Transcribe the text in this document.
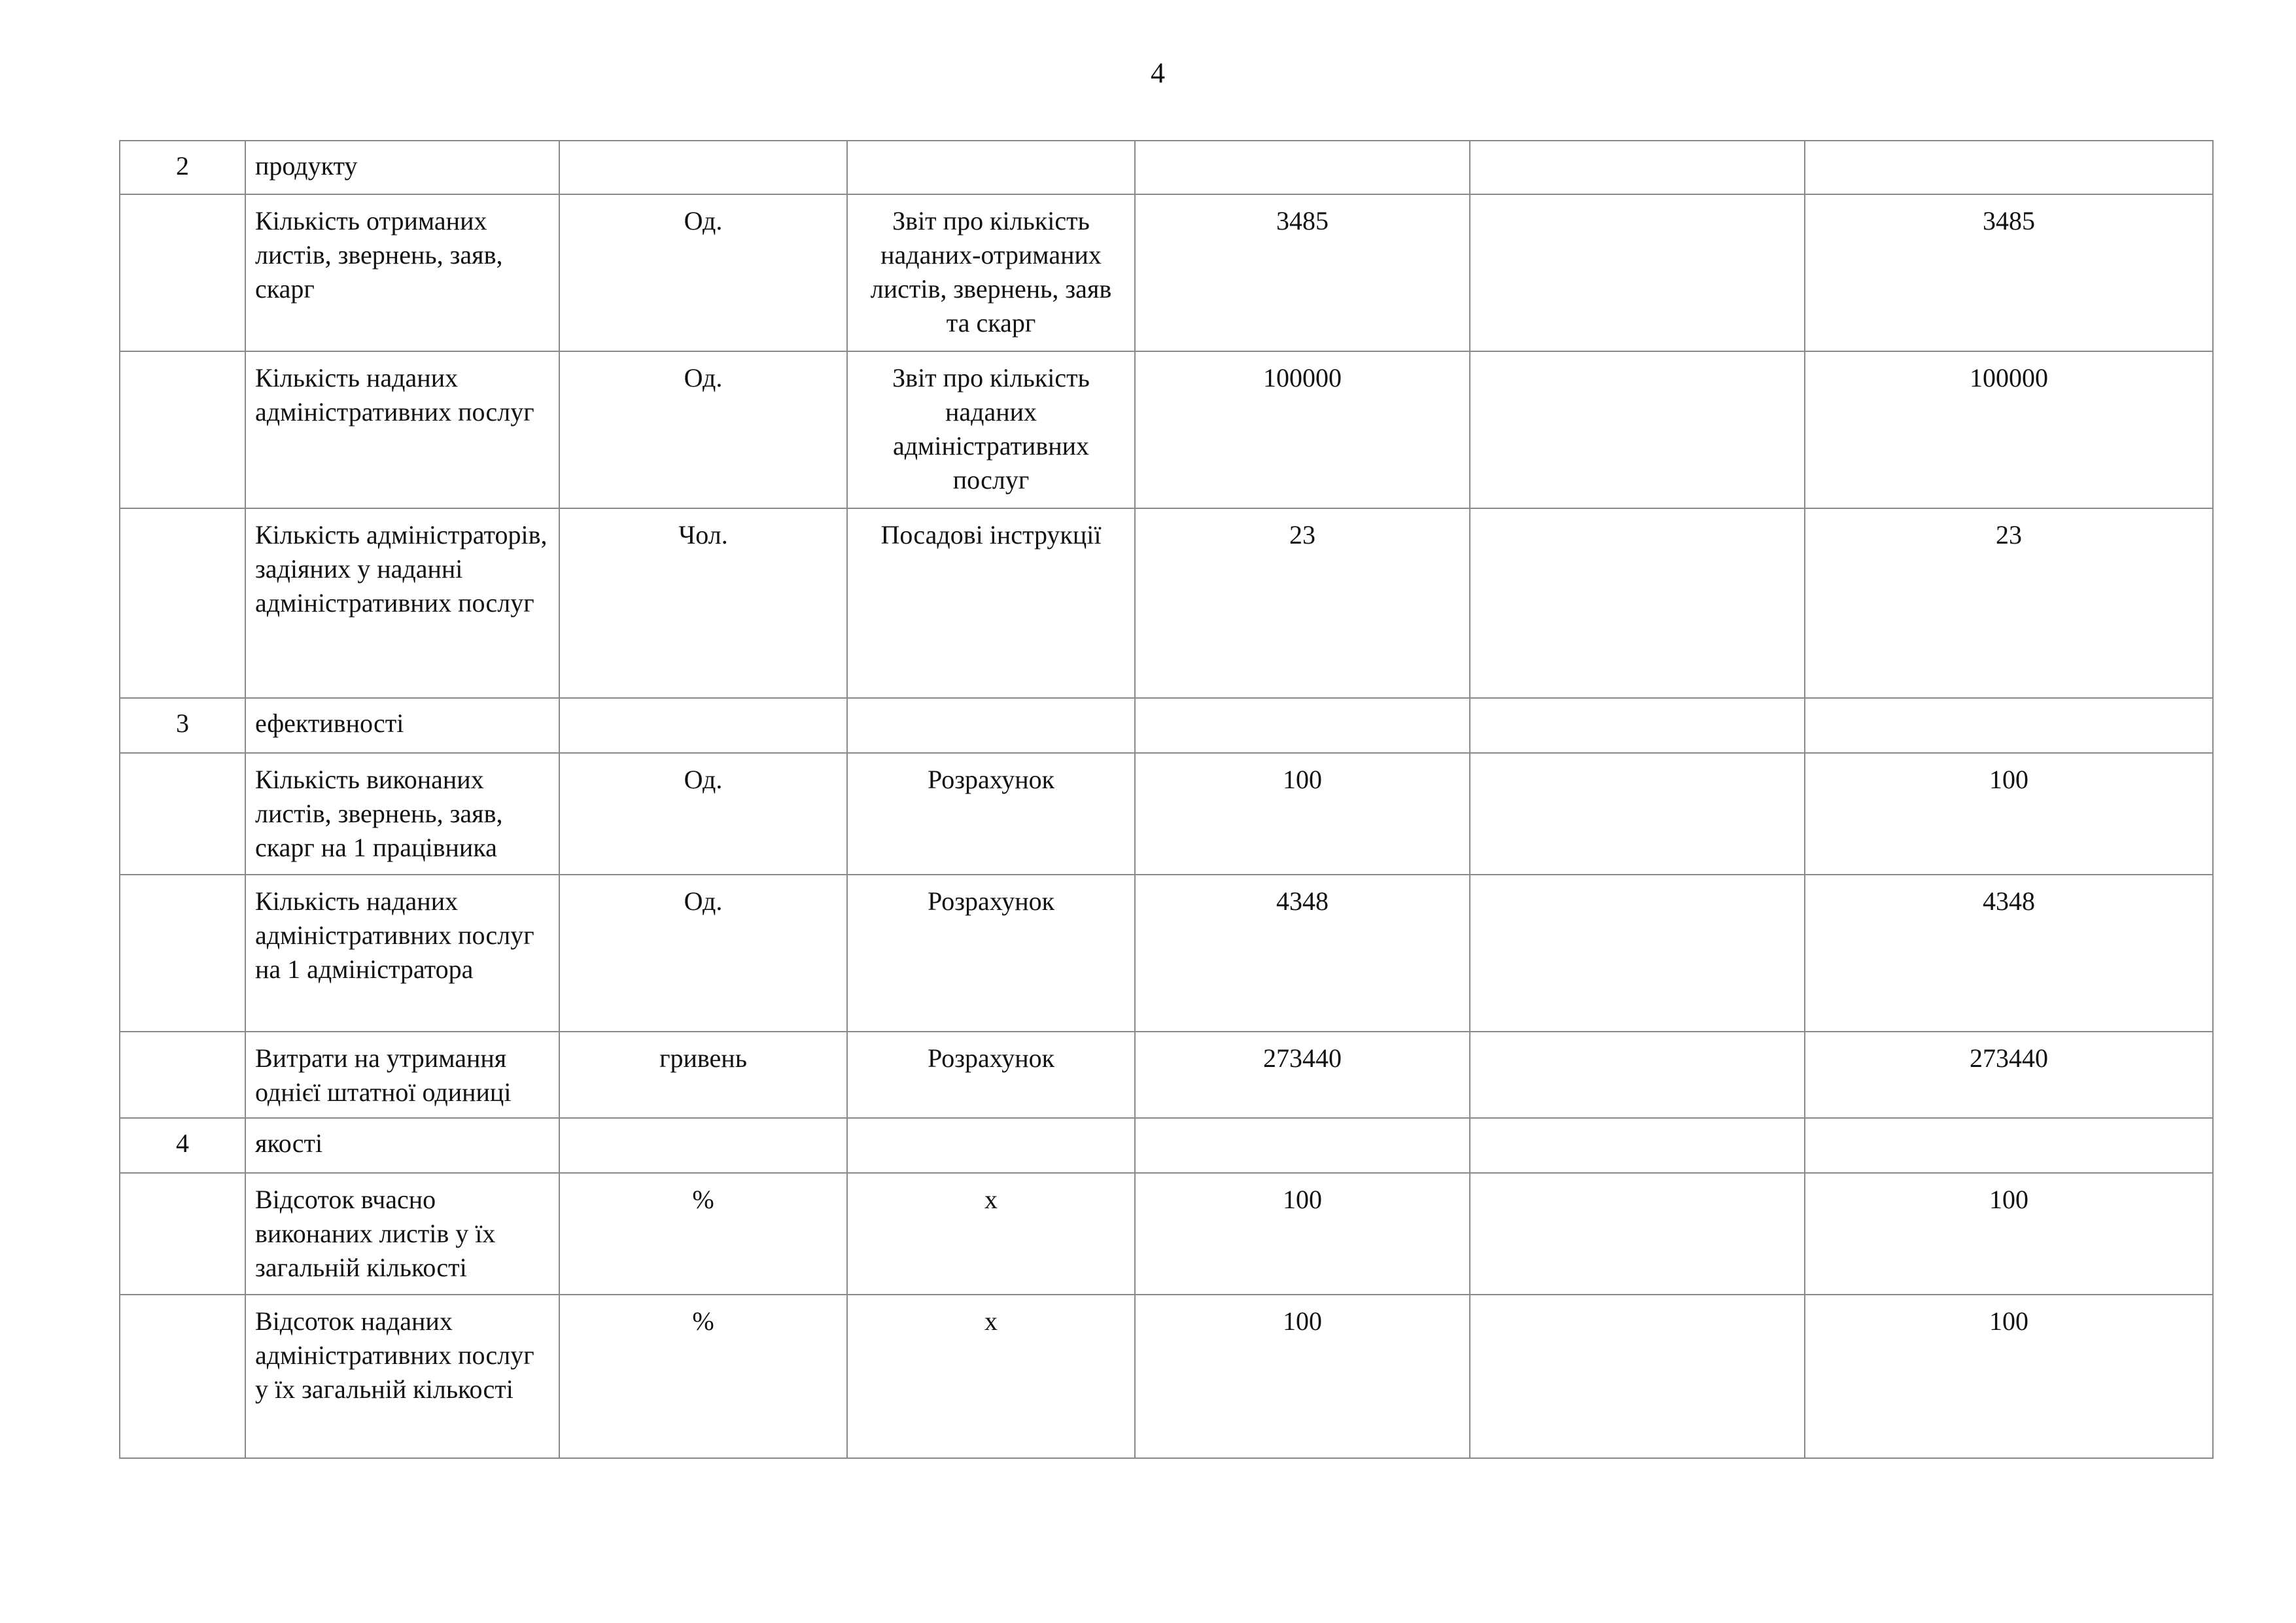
4
2	продукту					
	Кількість отриманих листів, звернень, заяв, скарг	Од.	Звіт про кількість наданих-отриманих листів, звернень, заяв та скарг	3485		3485
	Кількість наданих адміністративних послуг	Од.	Звіт про кількість наданих адміністративних послуг	100000		100000
	Кількість адміністраторів, задіяних у наданні адміністративних послуг	Чол.	Посадові інструкції	23		23
3	ефективності					
	Кількість виконаних листів, звернень, заяв, скарг на 1 працівника	Од.	Розрахунок	100		100
	Кількість наданих адміністративних послуг на 1 адміністратора	Од.	Розрахунок	4348		4348
	Витрати на утримання однієї штатної одиниці	гривень	Розрахунок	273440		273440
4	якості					
	Відсоток вчасно виконаних листів у їх загальній кількості	%	х	100		100
	Відсоток наданих адміністративних послуг у їх загальній кількості	%	х	100		100
